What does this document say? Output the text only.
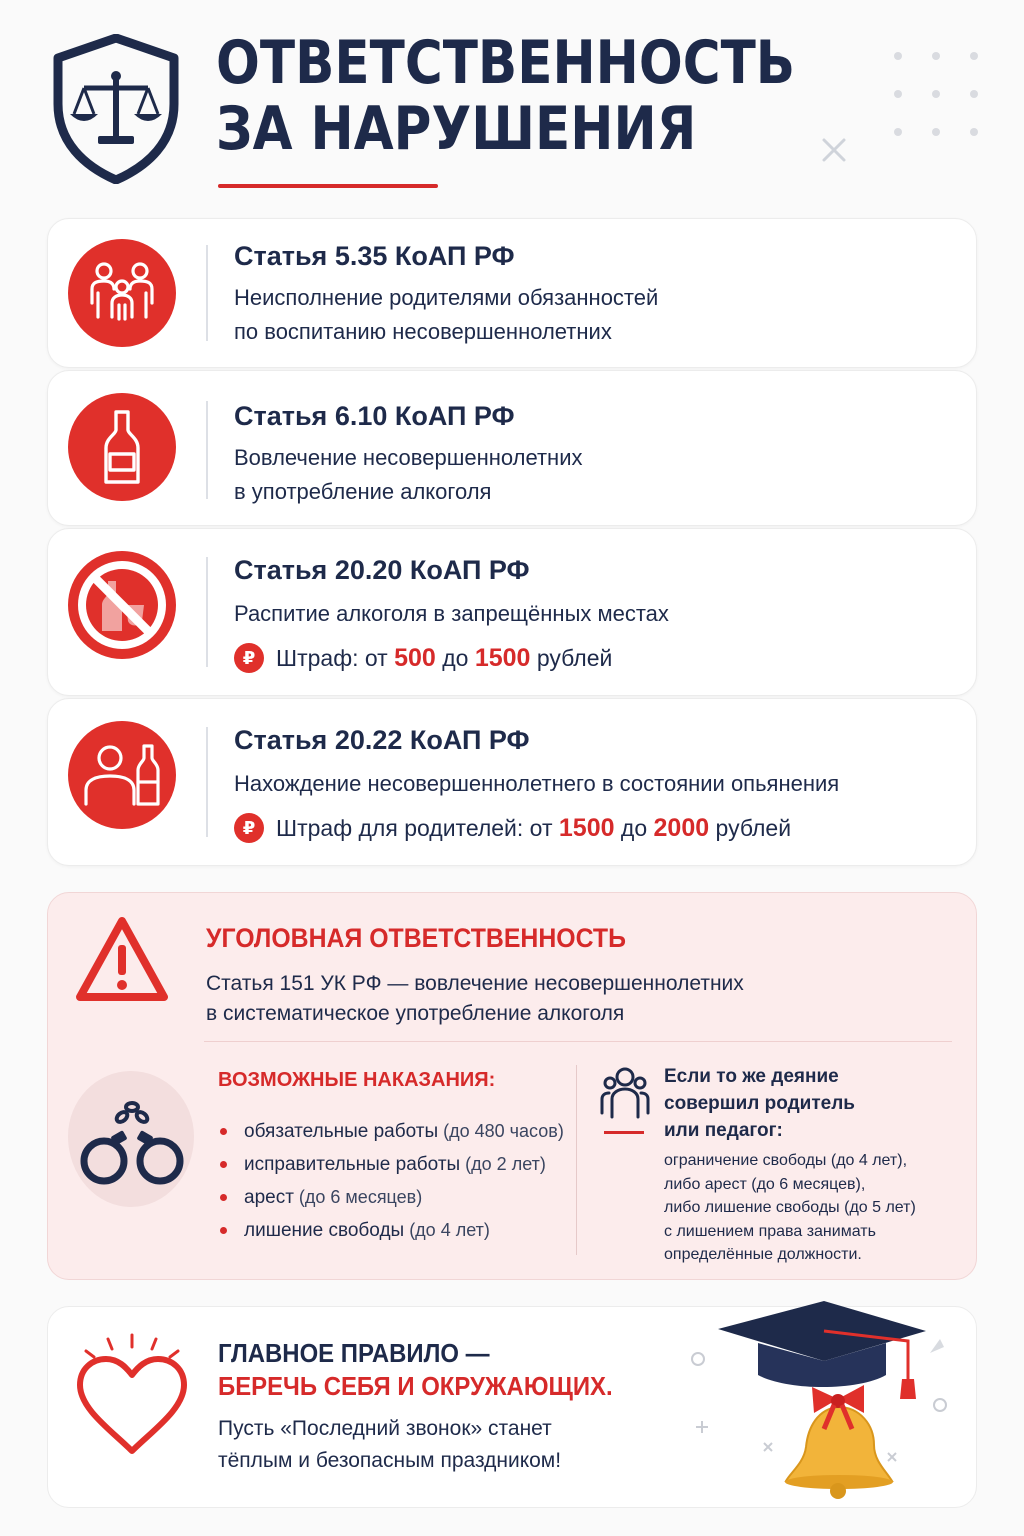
ОТВЕТСТВЕННОСТЬ
ЗА НАРУШЕНИЯ
Статья 5.35 КоАП РФ
Неисполнение родителями обязанностей
по воспитанию несовершеннолетних
Статья 6.10 КоАП РФ
Вовлечение несовершеннолетних
в употребление алкоголя
Статья 20.20 КоАП РФ
Распитие алкоголя в запрещённых местах
₽ Штраф: от
500
до
1500
рублей
Статья 20.22 КоАП РФ
Нахождение несовершеннолетнего в состоянии опьянения
₽ Штраф для родителей: от
1500
до
2000
рублей
УГОЛОВНАЯ ОТВЕТСТВЕННОСТЬ
Статья 151 УК РФ — вовлечение несовершеннолетних
в систематическое употребление алкоголя
ВОЗМОЖНЫЕ НАКАЗАНИЯ:
обязательные работы (до 480 часов)
исправительные работы (до 2 лет)
арест (до 6 месяцев)
лишение свободы (до 4 лет)
Если то же деяние
совершил родитель
или педагог:
ограничение свободы (до 4 лет),
либо арест (до 6 месяцев),
либо лишение свободы (до 5 лет)
с лишением права занимать
определённые должности.
ГЛАВНОЕ ПРАВИЛО —
БЕРЕЧЬ СЕБЯ И ОКРУЖАЮЩИХ.
Пусть «Последний звонок» станет
тёплым и безопасным праздником!
